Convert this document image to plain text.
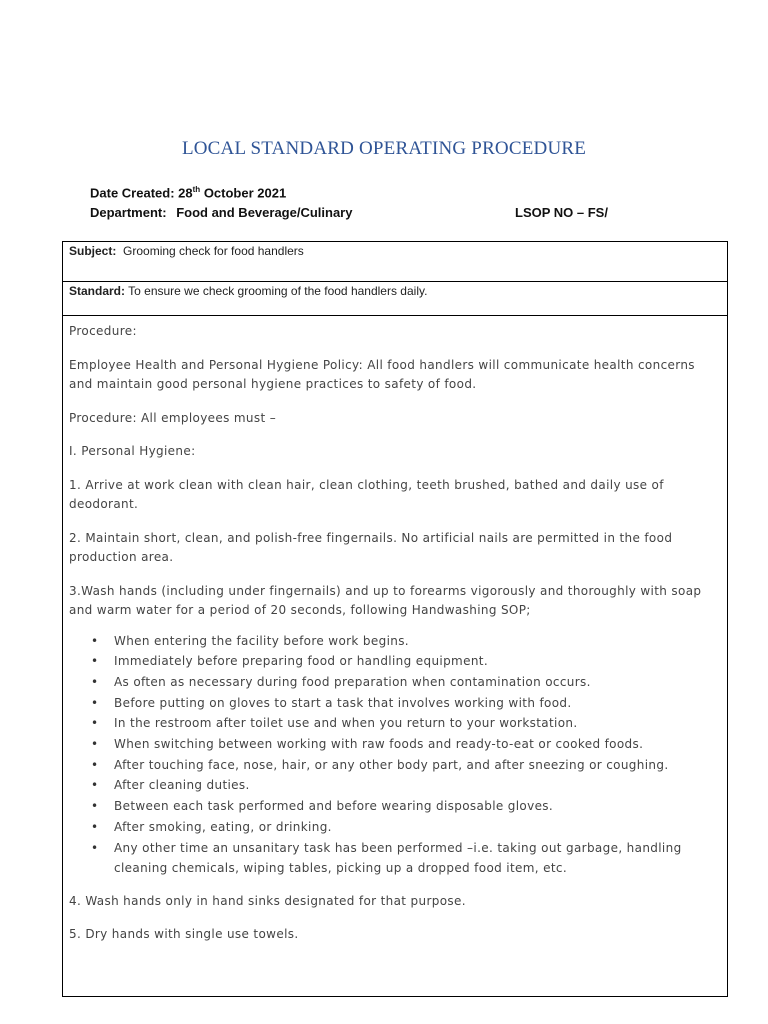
LOCAL STANDARD OPERATING PROCEDURE
Date Created: 28th October 2021
Department: Food and Beverage/Culinary	LSOP NO – FS/
Subject: Grooming check for food handlers
Standard: To ensure we check grooming of the food handlers daily.

Procedure:

Employee Health and Personal Hygiene Policy: All food handlers will communicate health concerns and maintain good personal hygiene practices to safety of food.

Procedure: All employees must –

I. Personal Hygiene:

1. Arrive at work clean with clean hair, clean clothing, teeth brushed, bathed and daily use of deodorant.

2. Maintain short, clean, and polish-free fingernails. No artificial nails are permitted in the food production area.

3.Wash hands (including under fingernails) and up to forearms vigorously and thoroughly with soap and warm water for a period of 20 seconds, following Handwashing SOP;

• When entering the facility before work begins.
• Immediately before preparing food or handling equipment.
• As often as necessary during food preparation when contamination occurs.
• Before putting on gloves to start a task that involves working with food.
• In the restroom after toilet use and when you return to your workstation.
• When switching between working with raw foods and ready-to-eat or cooked foods.
• After touching face, nose, hair, or any other body part, and after sneezing or coughing.
• After cleaning duties.
• Between each task performed and before wearing disposable gloves.
• After smoking, eating, or drinking.
• Any other time an unsanitary task has been performed –i.e. taking out garbage, handling cleaning chemicals, wiping tables, picking up a dropped food item, etc.

4. Wash hands only in hand sinks designated for that purpose.

5. Dry hands with single use towels.
